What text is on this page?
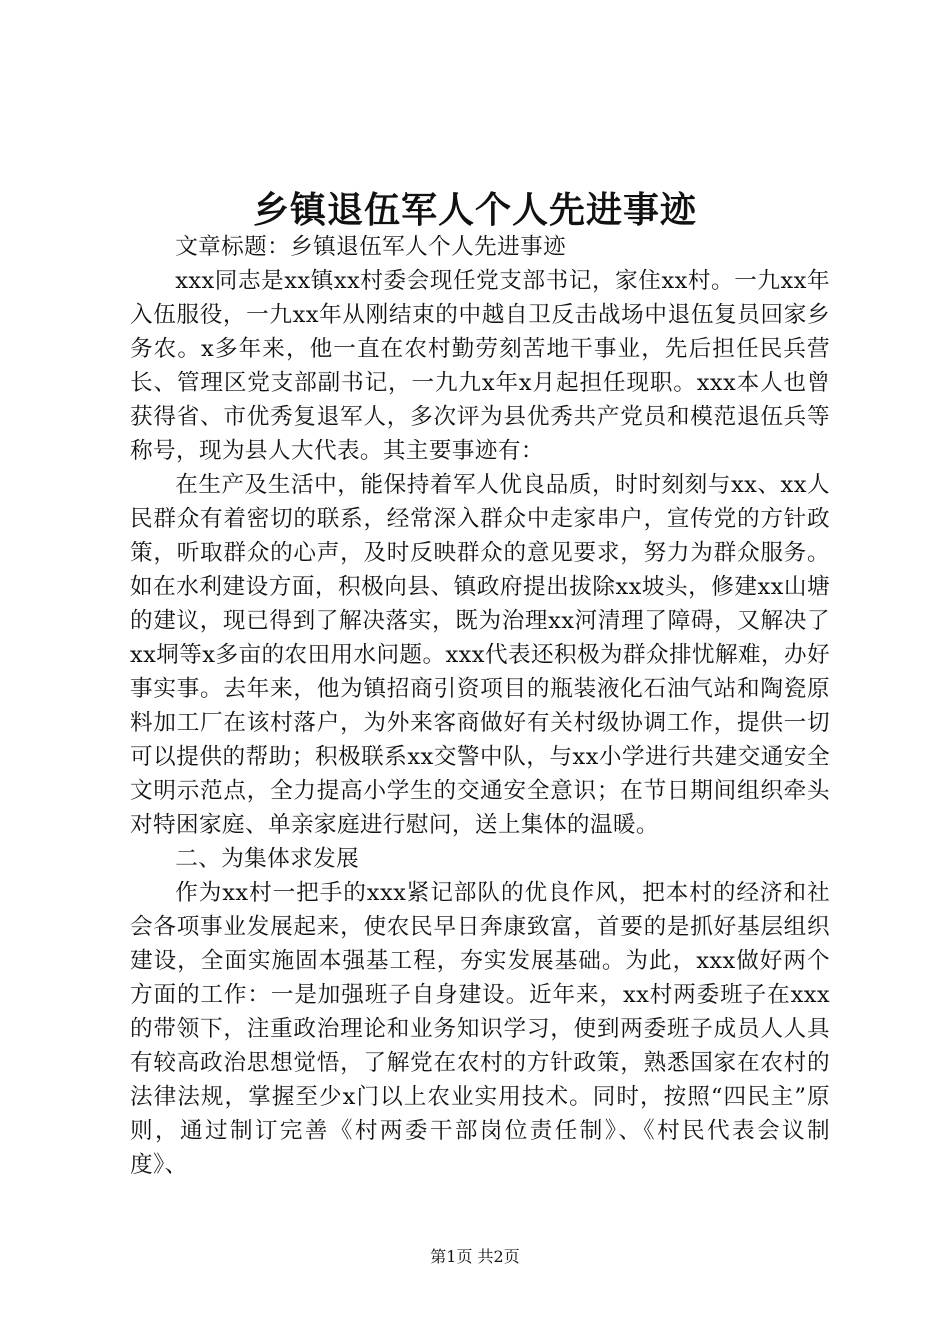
乡镇退伍军人个人先进事迹

文章标题：乡镇退伍军人个人先进事迹

xxx同志是xx镇xx村委会现任党支部书记，家住xx村。一九xx年入伍服役，一九xx年从刚结束的中越自卫反击战场中退伍复员回家乡务农。x多年来，他一直在农村勤劳刻苦地干事业，先后担任民兵营长、管理区党支部副书记，一九九x年x月起担任现职。xxx本人也曾获得省、市优秀复退军人，多次评为县优秀共产党员和模范退伍兵等称号，现为县人大代表。其主要事迹有：

在生产及生活中，能保持着军人优良品质，时时刻刻与xx、xx人民群众有着密切的联系，经常深入群众中走家串户，宣传党的方针政策，听取群众的心声，及时反映群众的意见要求，努力为群众服务。如在水利建设方面，积极向县、镇政府提出拔除xx坡头，修建xx山塘的建议，现已得到了解决落实，既为治理xx河清理了障碍，又解决了xx垌等x多亩的农田用水问题。xxx代表还积极为群众排忧解难，办好事实事。去年来，他为镇招商引资项目的瓶装液化石油气站和陶瓷原料加工厂在该村落户，为外来客商做好有关村级协调工作，提供一切可以提供的帮助；积极联系xx交警中队，与xx小学进行共建交通安全文明示范点，全力提高小学生的交通安全意识；在节日期间组织牵头对特困家庭、单亲家庭进行慰问，送上集体的温暖。

二、为集体求发展

作为xx村一把手的xxx紧记部队的优良作风，把本村的经济和社会各项事业发展起来，使农民早日奔康致富，首要的是抓好基层组织建设，全面实施固本强基工程，夯实发展基础。为此，xxx做好两个方面的工作：一是加强班子自身建设。近年来，xx村两委班子在xxx的带领下，注重政治理论和业务知识学习，使到两委班子成员人人具有较高政治思想觉悟，了解党在农村的方针政策，熟悉国家在农村的法律法规，掌握至少x门以上农业实用技术。同时，按照“四民主”原则，通过制订完善《村两委干部岗位责任制》、《村民代表会议制度》、

第1页 共2页
